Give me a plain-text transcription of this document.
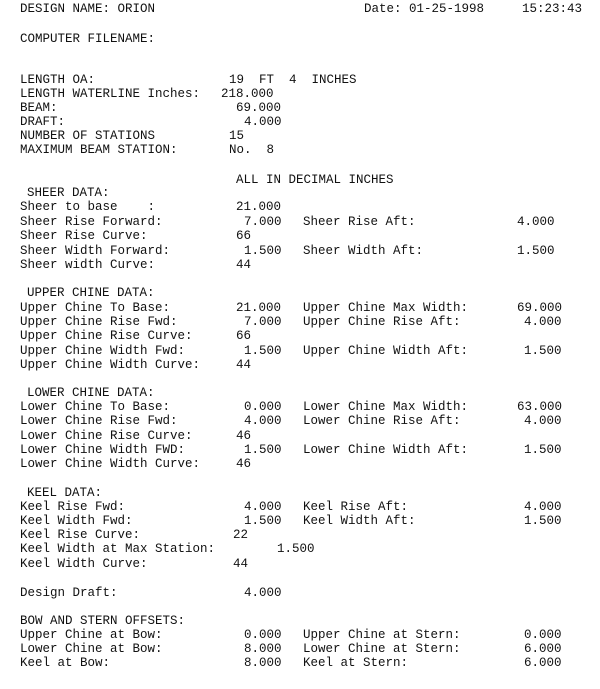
DESIGN NAME: ORION	Date: 01-25-1998	15:23:43
COMPUTER FILENAME:
LENGTH OA:	19  FT  4  INCHES
LENGTH WATERLINE Inches: 218.000
BEAM:	69.000
DRAFT:	4.000
NUMBER OF STATIONS	15
MAXIMUM BEAM STATION:	No.  8
ALL IN DECIMAL INCHES
SHEER DATA:
Sheer to base    :	21.000
Sheer Rise Forward:	7.000 Sheer Rise Aft:	4.000
Sheer Rise Curve:	66
Sheer Width Forward:	1.500 Sheer Width Aft:	1.500
Sheer width Curve:	44
UPPER CHINE DATA:
Upper Chine To Base:	21.000 Upper Chine Max Width:	69.000
Upper Chine Rise Fwd:	7.000 Upper Chine Rise Aft:	4.000
Upper Chine Rise Curve:	66
Upper Chine Width Fwd:	1.500 Upper Chine Width Aft:	1.500
Upper Chine Width Curve:	44
LOWER CHINE DATA:
Lower Chine To Base:	0.000 Lower Chine Max Width:	63.000
Lower Chine Rise Fwd:	4.000 Lower Chine Rise Aft:	4.000
Lower Chine Rise Curve:	46
Lower Chine Width FWD:	1.500 Lower Chine Width Aft:	1.500
Lower Chine Width Curve:	46
KEEL DATA:
Keel Rise Fwd:	4.000 Keel Rise Aft:	4.000
Keel Width Fwd:	1.500 Keel Width Aft:	1.500
Keel Rise Curve:	22
Keel Width at Max Station:	1.500
Keel Width Curve:	44
Design Draft:	4.000
BOW AND STERN OFFSETS:
Upper Chine at Bow:	0.000 Upper Chine at Stern:	0.000
Lower Chine at Bow:	8.000 Lower Chine at Stern:	6.000
Keel at Bow:	8.000 Keel at Stern:	6.000
